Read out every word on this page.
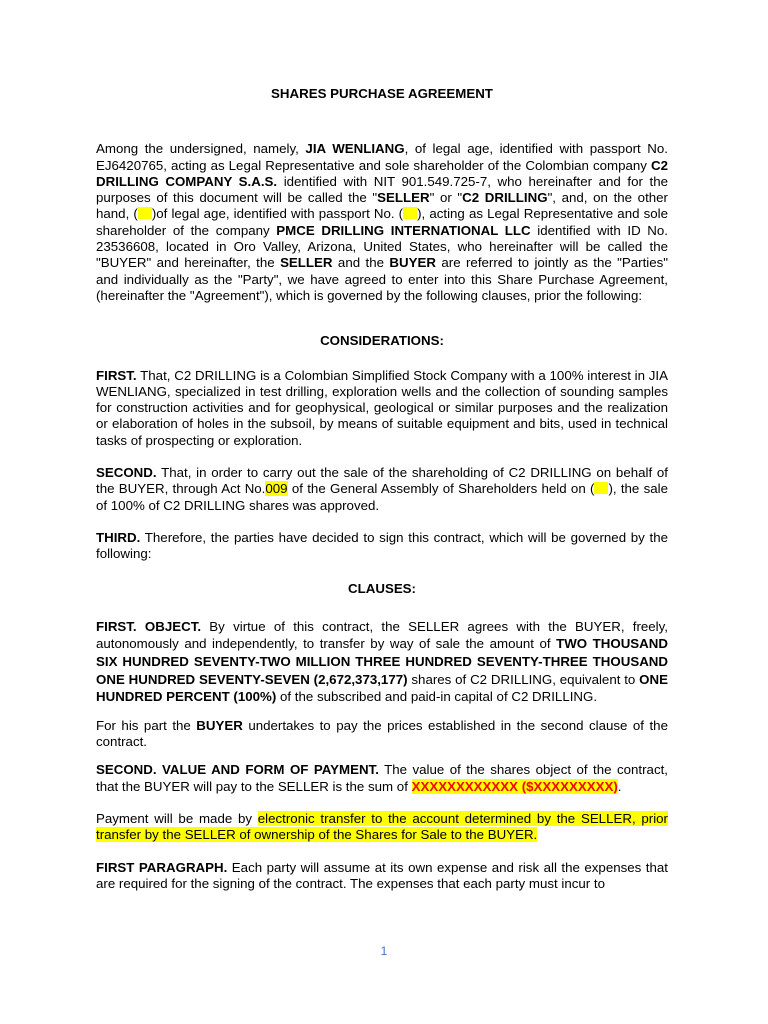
SHARES PURCHASE AGREEMENT

Among the undersigned, namely, JIA WENLIANG, of legal age, identified with passport No. EJ6420765, acting as Legal Representative and sole shareholder of the Colombian company C2 DRILLING COMPANY S.A.S. identified with NIT 901.549.725-7, who hereinafter and for the purposes of this document will be called the "SELLER" or "C2 DRILLING", and, on the other hand, ( )of legal age, identified with passport No. ( ), acting as Legal Representative and sole shareholder of the company PMCE DRILLING INTERNATIONAL LLC identified with ID No. 23536608, located in Oro Valley, Arizona, United States, who hereinafter will be called the "BUYER" and hereinafter, the SELLER and the BUYER are referred to jointly as the "Parties" and individually as the "Party", we have agreed to enter into this Share Purchase Agreement, (hereinafter the "Agreement"), which is governed by the following clauses, prior the following:

CONSIDERATIONS:

FIRST. That, C2 DRILLING is a Colombian Simplified Stock Company with a 100% interest in JIA WENLIANG, specialized in test drilling, exploration wells and the collection of sounding samples for construction activities and for geophysical, geological or similar purposes and the realization or elaboration of holes in the subsoil, by means of suitable equipment and bits, used in technical tasks of prospecting or exploration.

SECOND. That, in order to carry out the sale of the shareholding of C2 DRILLING on behalf of the BUYER, through Act No.009 of the General Assembly of Shareholders held on ( ), the sale of 100% of C2 DRILLING shares was approved.

THIRD. Therefore, the parties have decided to sign this contract, which will be governed by the following:

CLAUSES:

FIRST. OBJECT. By virtue of this contract, the SELLER agrees with the BUYER, freely, autonomously and independently, to transfer by way of sale the amount of TWO THOUSAND SIX HUNDRED SEVENTY-TWO MILLION THREE HUNDRED SEVENTY-THREE THOUSAND ONE HUNDRED SEVENTY-SEVEN (2,672,373,177) shares of C2 DRILLING, equivalent to ONE HUNDRED PERCENT (100%) of the subscribed and paid-in capital of C2 DRILLING.

For his part the BUYER undertakes to pay the prices established in the second clause of the contract.

SECOND. VALUE AND FORM OF PAYMENT. The value of the shares object of the contract, that the BUYER will pay to the SELLER is the sum of XXXXXXXXXXXX ($XXXXXXXXX).

Payment will be made by electronic transfer to the account determined by the SELLER, prior transfer by the SELLER of ownership of the Shares for Sale to the BUYER.

FIRST PARAGRAPH. Each party will assume at its own expense and risk all the expenses that are required for the signing of the contract. The expenses that each party must incur to

1
